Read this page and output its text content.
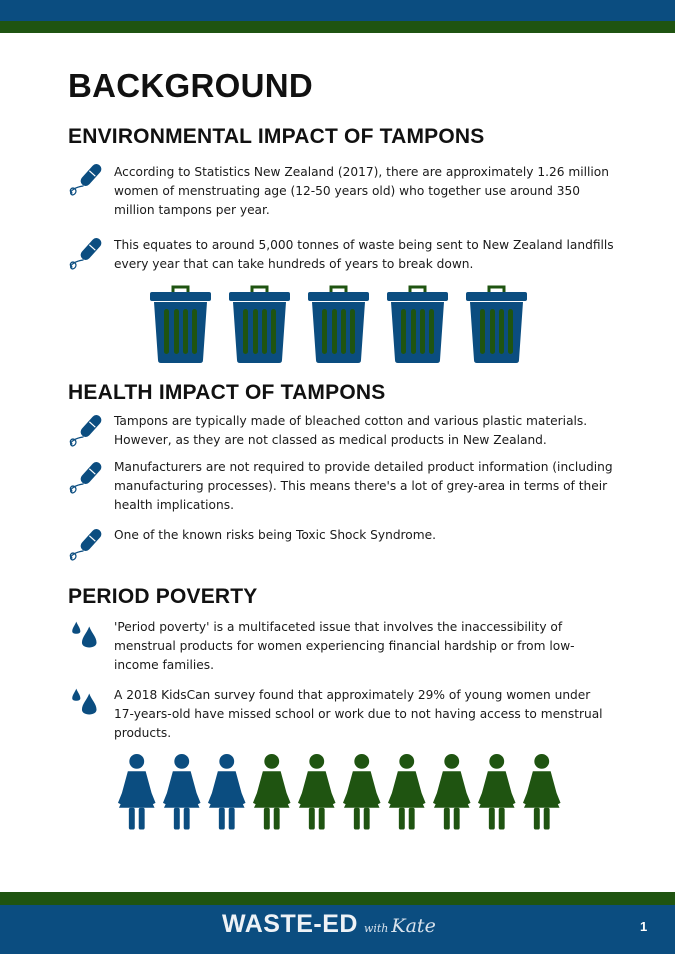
BACKGROUND
ENVIRONMENTAL IMPACT OF TAMPONS

According to Statistics New Zealand (2017), there are approximately 1.26 million women of menstruating age (12-50 years old) who together use around 350 million tampons per year.

This equates to around 5,000 tonnes of waste being sent to New Zealand landfills every year that can take hundreds of years to break down.

HEALTH IMPACT OF TAMPONS

Tampons are typically made of bleached cotton and various plastic materials. However, as they are not classed as medical products in New Zealand.

Manufacturers are not required to provide detailed product information (including manufacturing processes). This means there's a lot of grey-area in terms of their health implications.

One of the known risks being Toxic Shock Syndrome.

PERIOD POVERTY

'Period poverty' is a multifaceted issue that involves the inaccessibility of menstrual products for women experiencing financial hardship or from low-income families.

A 2018 KidsCan survey found that approximately 29% of young women under 17-years-old have missed school or work due to not having access to menstrual products.

WASTE-ED with Kate	1
